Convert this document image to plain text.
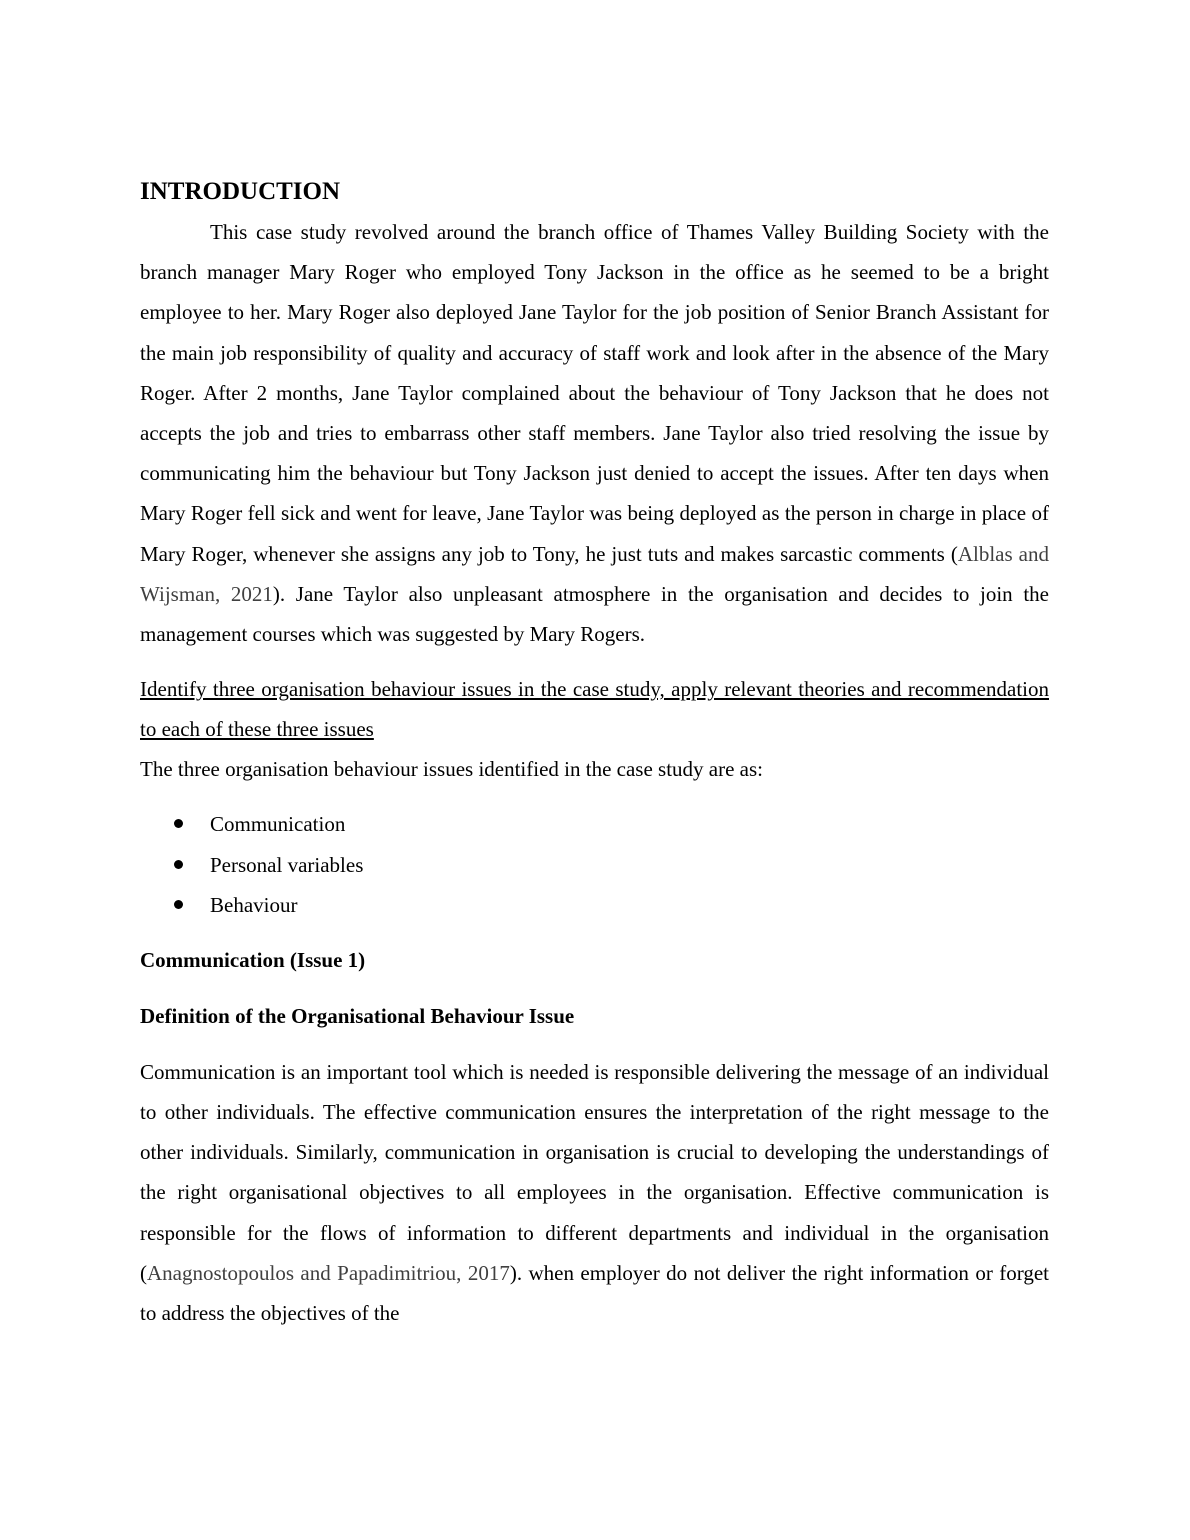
INTRODUCTION

This case study revolved around the branch office of Thames Valley Building Society with the branch manager Mary Roger who employed Tony Jackson in the office as he seemed to be a bright employee to her. Mary Roger also deployed Jane Taylor for the job position of Senior Branch Assistant for the main job responsibility of quality and accuracy of staff work and look after in the absence of the Mary Roger. After 2 months, Jane Taylor complained about the behaviour of Tony Jackson that he does not accepts the job and tries to embarrass other staff members. Jane Taylor also tried resolving the issue by communicating him the behaviour but Tony Jackson just denied to accept the issues. After ten days when Mary Roger fell sick and went for leave, Jane Taylor was being deployed as the person in charge in place of Mary Roger, whenever she assigns any job to Tony, he just tuts and makes sarcastic comments (Alblas and Wijsman, 2021). Jane Taylor also unpleasant atmosphere in the organisation and decides to join the management courses which was suggested by Mary Rogers.

Identify three organisation behaviour issues in the case study, apply relevant theories and recommendation to each of these three issues

The three organisation behaviour issues identified in the case study are as:

Communication
Personal variables
Behaviour

Communication (Issue 1)

Definition of the Organisational Behaviour Issue

Communication is an important tool which is needed is responsible delivering the message of an individual to other individuals. The effective communication ensures the interpretation of the right message to the other individuals. Similarly, communication in organisation is crucial to developing the understandings of the right organisational objectives to all employees in the organisation. Effective communication is responsible for the flows of information to different departments and individual in the organisation (Anagnostopoulos and Papadimitriou, 2017). when employer do not deliver the right information or forget to address the objectives of the
